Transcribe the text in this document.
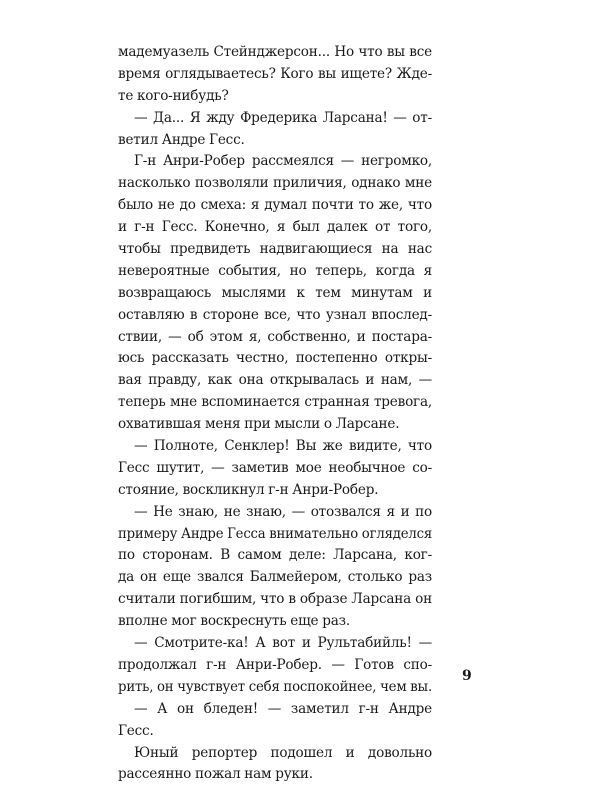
мадемуазель Стейнджерсон... Но что вы все
время оглядываетесь? Кого вы ищете? Жде-
те кого-нибудь?
— Да... Я жду Фредерика Ларсана! — от-
ветил Андре Гесс.
Г-н Анри-Робер рассмеялся — негромко,
насколько позволяли приличия, однако мне
было не до смеха: я думал почти то же, что
и г-н Гесс. Конечно, я был далек от того,
чтобы предвидеть надвигающиеся на нас
невероятные события, но теперь, когда я
возвращаюсь мыслями к тем минутам и
оставляю в стороне все, что узнал впослед-
ствии, — об этом я, собственно, и постара-
юсь рассказать честно, постепенно откры-
вая правду, как она открывалась и нам, —
теперь мне вспоминается странная тревога,
охватившая меня при мысли о Ларсане.
— Полноте, Сенклер! Вы же видите, что
Гесс шутит, — заметив мое необычное со-
стояние, воскликнул г-н Анри-Робер.
— Не знаю, не знаю, — отозвался я и по
примеру Андре Гесса внимательно огляделся
по сторонам. В самом деле: Ларсана, ког-
да он еще звался Балмейером, столько раз
считали погибшим, что в образе Ларсана он
вполне мог воскреснуть еще раз.
— Смотрите-ка! А вот и Рультабийль! —
продолжал г-н Анри-Робер. — Готов спо-
рить, он чувствует себя поспокойнее, чем вы.
— А он бледен! — заметил г-н Андре
Гесс.
Юный репортер подошел и довольно
рассеянно пожал нам руки.
9
